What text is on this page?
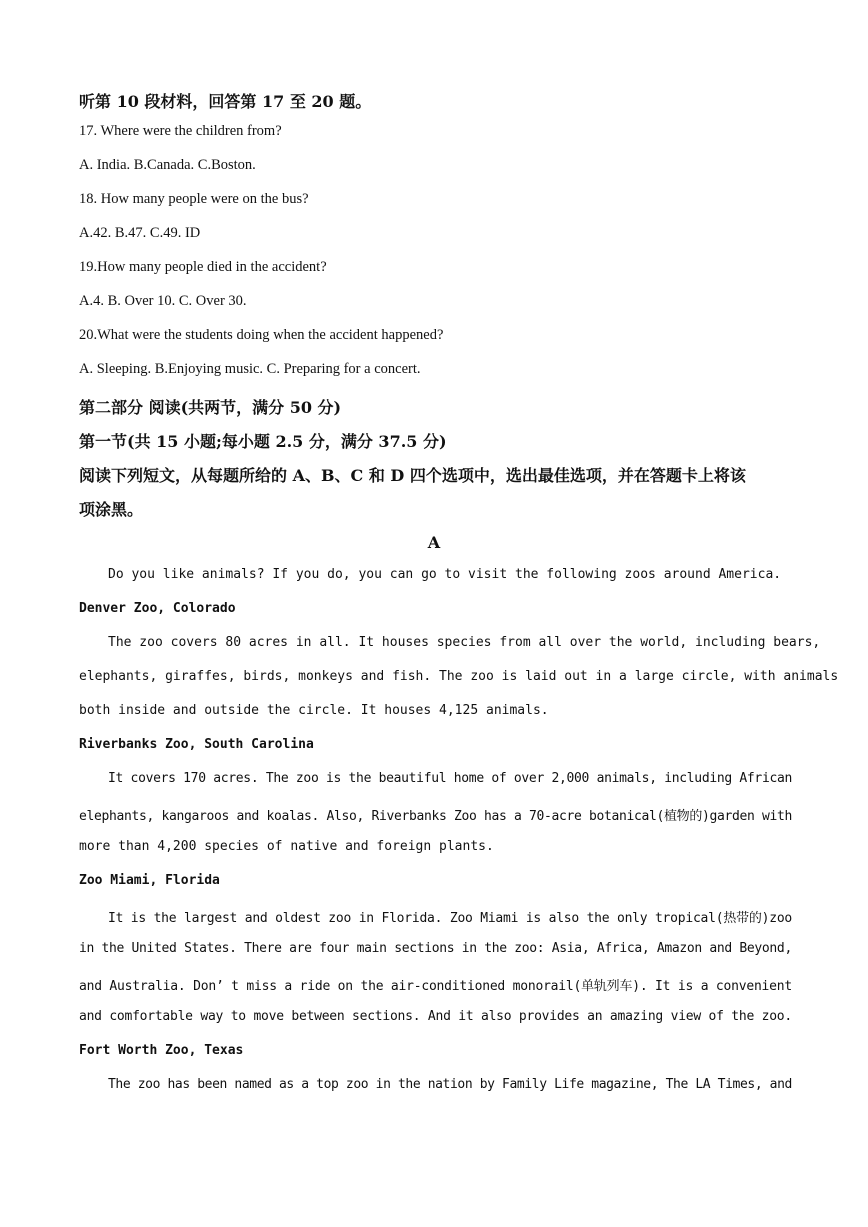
听第 10 段材料，回答第 17 至 20 题。
17. Where were the children from?
A. India. B.Canada. C.Boston.
18. How many people were on the bus?
A.42. B.47. C.49. ID
19.How many people died in the accident?
A.4. B. Over 10. C. Over 30.
20.What were the students doing when the accident happened?
A. Sleeping. B.Enjoying music. C. Preparing for a concert.
第二部分 阅读(共两节，满分 50 分)
第一节(共 15 小题;每小题 2.5 分，满分 37.5 分)
阅读下列短文，从每题所给的 A、B、C 和 D 四个选项中，选出最佳选项，并在答题卡上将该
项涂黑。
A
Do you like animals? If you do, you can go to visit the following zoos around America.
Denver Zoo, Colorado
The zoo covers 80 acres in all. It houses species from all over the world, including bears,
elephants, giraffes, birds, monkeys and fish. The zoo is laid out in a large circle, with animals
both inside and outside the circle. It houses 4,125 animals.
Riverbanks Zoo, South Carolina
It covers 170 acres. The zoo is the beautiful home of over 2,000 animals, including African
elephants, kangaroos and koalas. Also, Riverbanks Zoo has a 70-acre botanical(植物的)garden with
more than 4,200 species of native and foreign plants.
Zoo Miami, Florida
It is the largest and oldest zoo in Florida. Zoo Miami is also the only tropical(热带的)zoo
in the United States. There are four main sections in the zoo: Asia, Africa, Amazon and Beyond,
and Australia. Don’ t miss a ride on the air-conditioned monorail(单轨列车). It is a convenient
and comfortable way to move between sections. And it also provides an amazing view of the zoo.
Fort Worth Zoo, Texas
The zoo has been named as a top zoo in the nation by Family Life magazine, The LA Times, and
